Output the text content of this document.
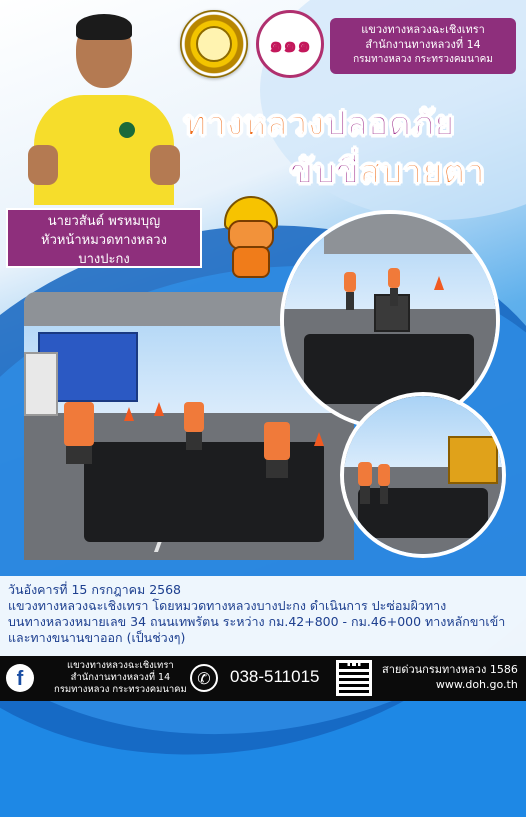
๑๑๑
แขวงทางหลวงฉะเชิงเทรา
สำนักงานทางหลวงที่ 14
กรมทางหลวง กระทรวงคมนาคม
ทางหลวงปลอดภัย
ขับขี่สบายตา
นายวสันต์ พรหมบุญ
หัวหน้าหมวดทางหลวง
บางปะกง
วันอังคารที่ 15 กรกฎาคม 2568
แขวงทางหลวงฉะเชิงเทรา โดยหมวดทางหลวงบางปะกง ดำเนินการ ปะซ่อมผิวทาง
บนทางหลวงหมายเลข 34 ถนนเทพรัตน ระหว่าง กม.42+800 - กม.46+000 ทางหลักขาเข้า
และทางขนานขาออก (เป็นช่วงๆ)
f
แขวงทางหลวงฉะเชิงเทรา
สำนักงานทางหลวงที่ 14
กรมทางหลวง กระทรวงคมนาคม
✆	038-511015	สายด่วนกรมทางหลวง 1586
www.doh.go.th
